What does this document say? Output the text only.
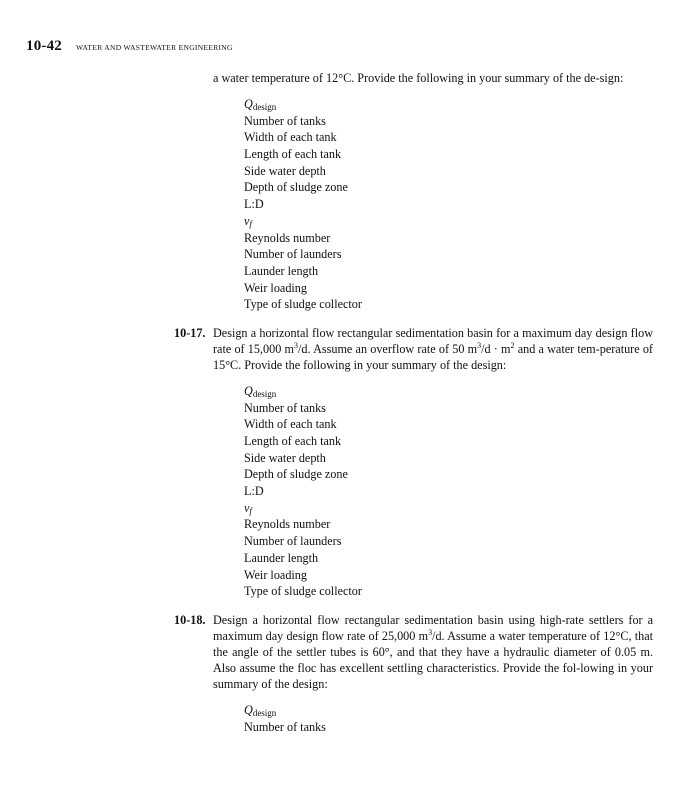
10-42 WATER AND WASTEWATER ENGINEERING

a water temperature of 12°C. Provide the following in your summary of the de-sign:

$Q_{design}$
Number of tanks
Width of each tank
Length of each tank
Side water depth
Depth of sludge zone
L:D
$v_f$
Reynolds number
Number of launders
Launder length
Weir loading
Type of sludge collector
10-17. Design a horizontal flow rectangular sedimentation basin for a maximum day design flow rate of 15,000 $m^3/d$. Assume an overflow rate of 50 $m^3/d \cdot m^2$ and a water tem-perature of 15°C. Provide the following in your summary of the design:

$Q_{design}$
Number of tanks
Width of each tank
Length of each tank
Side water depth
Depth of sludge zone
L:D
$v_f$
Reynolds number
Number of launders
Launder length
Weir loading
Type of sludge collector
10-18. Design a horizontal flow rectangular sedimentation basin using high-rate settlers for a maximum day design flow rate of 25,000 $m^3/d$. Assume a water temperature of 12°C, that the angle of the settler tubes is 60°, and that they have a hydraulic diameter of 0.05 m. Also assume the floc has excellent settling characteristics. Provide the fol-lowing in your summary of the design:

$Q_{design}$
Number of tanks
